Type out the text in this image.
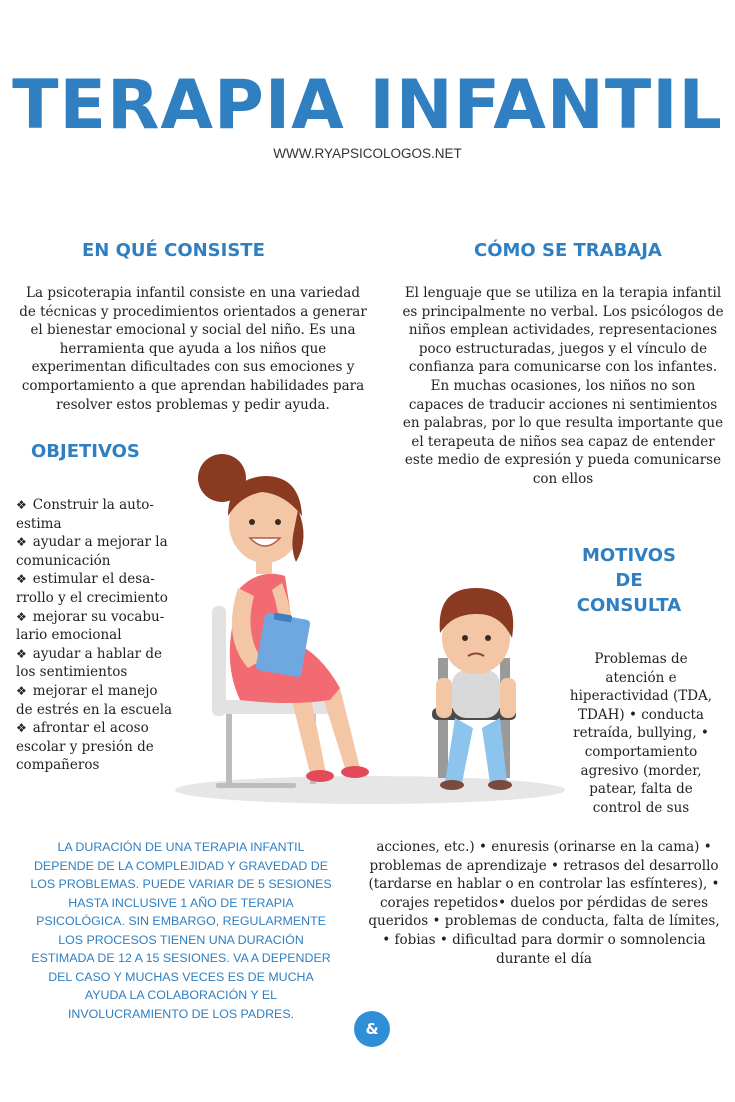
TERAPIA INFANTIL
WWW.RYAPSICOLOGOS.NET
EN QUÉ CONSISTE
La psicoterapia infantil consiste en una variedad de técnicas y procedimientos orientados a generar el bienestar emocional y social del niño. Es una herramienta que ayuda a los niños que experimentan dificultades con sus emociones y comportamiento a que aprendan habilidades para resolver estos problemas y pedir ayuda.
CÓMO SE TRABAJA
El lenguaje que se utiliza en la terapia infantil es principalmente no verbal. Los psicólogos de niños emplean actividades, representaciones poco estructuradas, juegos y el vínculo de confianza para comunicarse con los infantes. En muchas ocasiones, los niños no son capaces de traducir acciones ni sentimientos en palabras, por lo que resulta importante que el terapeuta de niños sea capaz de entender este medio de expresión y pueda comunicarse con ellos
OBJETIVOS
❖ Construir la auto-estima
❖ ayudar a mejorar la comunicación
❖ estimular el desa-rrollo y el crecimiento
❖ mejorar su vocabu-lario emocional
❖ ayudar a hablar de los sentimientos
❖ mejorar el manejo de estrés en la escuela
❖ afrontar el acoso escolar y presión de compañeros
MOTIVOS
DE
CONSULTA
Problemas de atención e hiperactividad (TDA, TDAH) • conducta retraída, bullying, • comportamiento agresivo (morder, patear, falta de control de sus
acciones, etc.) • enuresis (orinarse en la cama) • problemas de aprendizaje • retrasos del desarrollo (tardarse en hablar o en controlar las esfínteres), • corajes repetidos• duelos por pérdidas de seres queridos • problemas de conducta, falta de límites, • fobias • dificultad para dormir o somnolencia durante el día
LA DURACIÓN DE UNA TERAPIA INFANTIL DEPENDE DE LA COMPLEJIDAD Y GRAVEDAD DE LOS PROBLEMAS. PUEDE VARIAR DE 5 SESIONES HASTA INCLUSIVE 1 AÑO DE TERAPIA PSICOLÓGICA. SIN EMBARGO, REGULARMENTE LOS PROCESOS TIENEN UNA DURACIÓN ESTIMADA DE 12 A 15 SESIONES. VA A DEPENDER DEL CASO Y MUCHAS VECES ES DE MUCHA AYUDA LA COLABORACIÓN Y EL INVOLUCRAMIENTO DE LOS PADRES.
&
